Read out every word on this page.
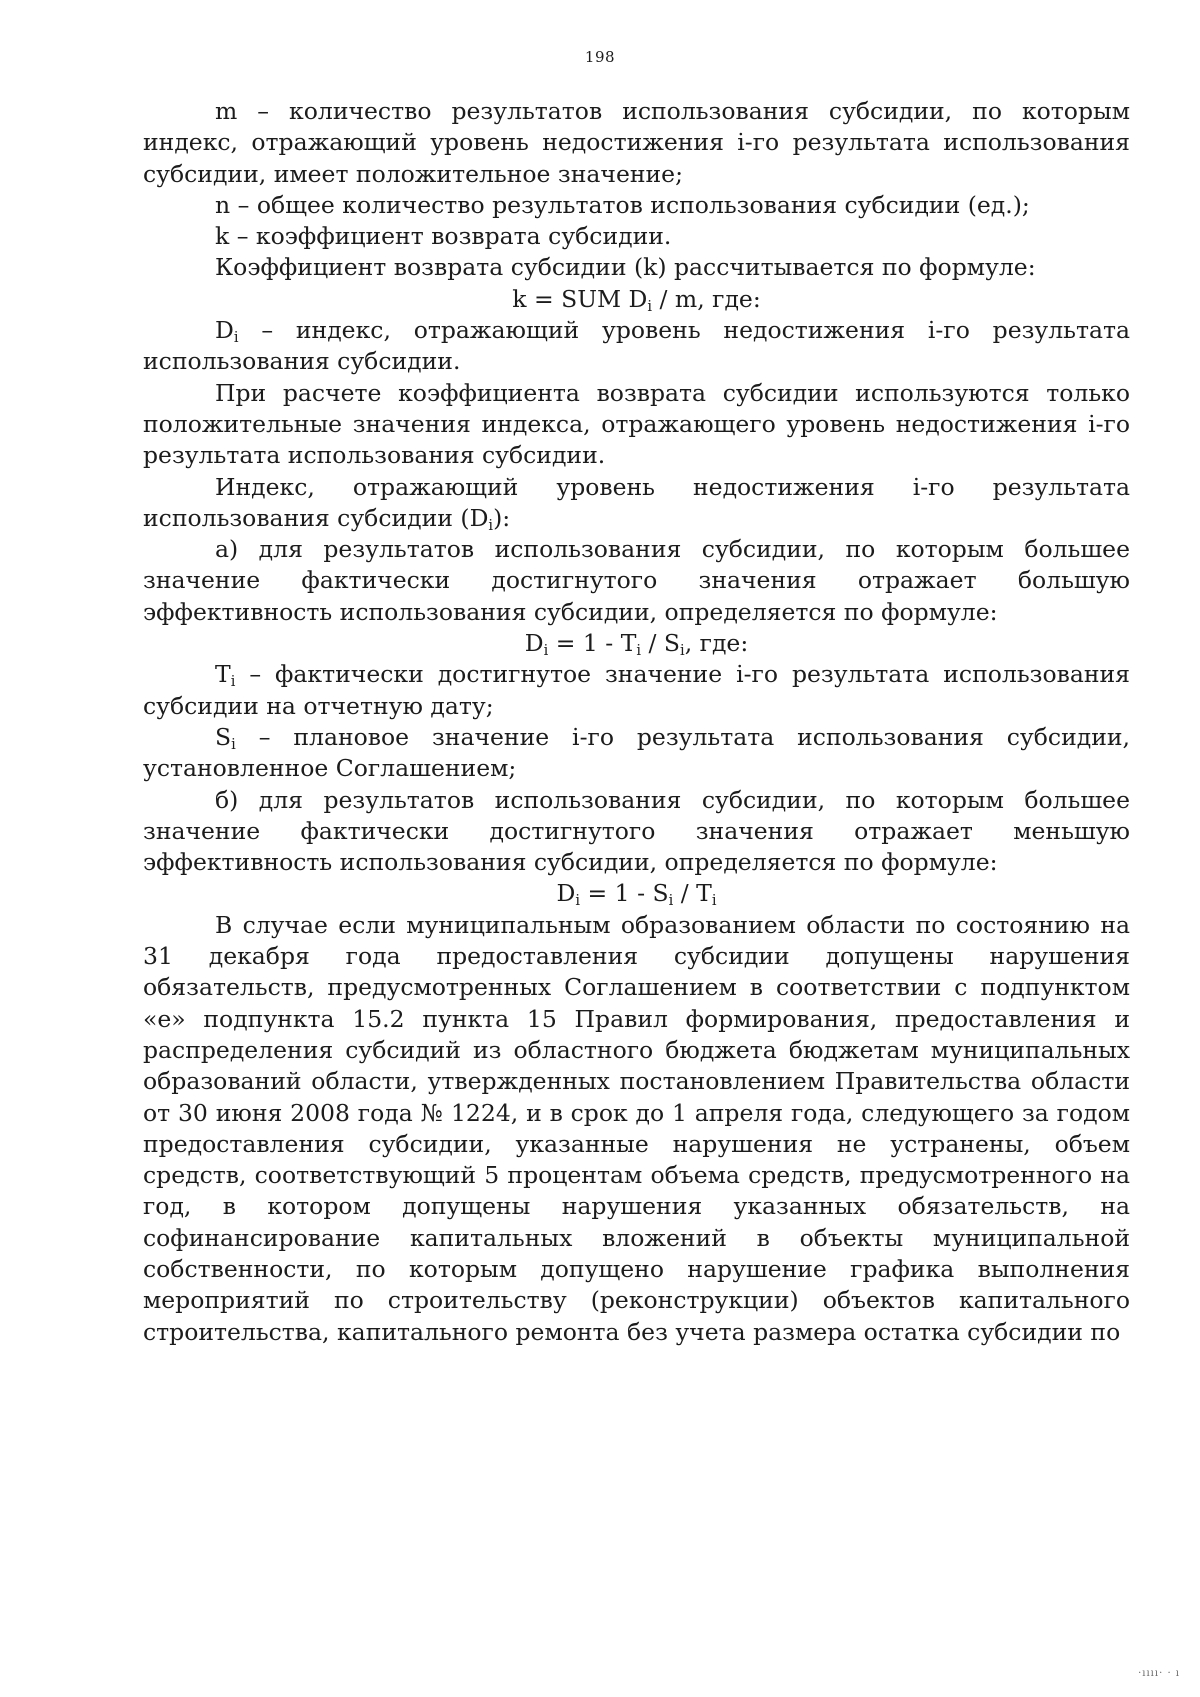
198

m – количество результатов использования субсидии, по которым индекс, отражающий уровень недостижения i-го результата использования субсидии, имеет положительное значение;

n – общее количество результатов использования субсидии (ед.);

k – коэффициент возврата субсидии.

Коэффициент возврата субсидии (k) рассчитывается по формуле:

k = SUM $D_i$ / m, где:

$D_i$ – индекс, отражающий уровень недостижения i-го результата использования субсидии.

При расчете коэффициента возврата субсидии используются только положительные значения индекса, отражающего уровень недостижения i-го результата использования субсидии.

Индекс, отражающий уровень недостижения i-го результата использования субсидии $(D_i)$:

а) для результатов использования субсидии, по которым большее значение фактически достигнутого значения отражает большую эффективность использования субсидии, определяется по формуле:

$D_i = 1 - T_i / S_i$, где:

$T_i$ – фактически достигнутое значение i-го результата использования субсидии на отчетную дату;

$S_i$ – плановое значение i-го результата использования субсидии, установленное Соглашением;

б) для результатов использования субсидии, по которым большее значение фактически достигнутого значения отражает меньшую эффективность использования субсидии, определяется по формуле:

$D_i = 1 - S_i / T_i$

В случае если муниципальным образованием области по состоянию на 31 декабря года предоставления субсидии допущены нарушения обязательств, предусмотренных Соглашением в соответствии с подпунктом «е» подпункта 15.2 пункта 15 Правил формирования, предоставления и распределения субсидий из областного бюджета бюджетам муниципальных образований области, утвержденных постановлением Правительства области от 30 июня 2008 года № 1224, и в срок до 1 апреля года, следующего за годом предоставления субсидии, указанные нарушения не устранены, объем средств, соответствующий 5 процентам объема средств, предусмотренного на год, в котором допущены нарушения указанных обязательств, на софинансирование капитальных вложений в объекты муниципальной собственности, по которым допущено нарушение графика выполнения мероприятий по строительству (реконструкции) объектов капитального строительства, капитального ремонта без учета размера остатка субсидии по

·ıııı· · ı
